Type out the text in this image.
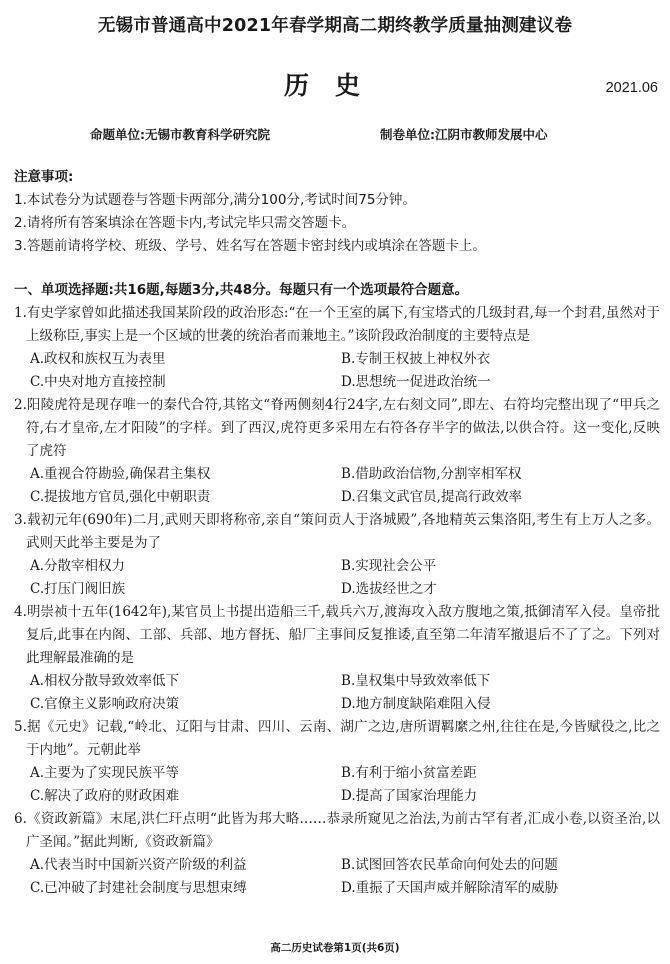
无锡市普通高中2021年春学期高二期终教学质量抽测建议卷
历史	2021.06
命题单位:无锡市教育科学研究院	制卷单位:江阴市教师发展中心
注意事项:
1.本试卷分为试题卷与答题卡两部分,满分100分,考试时间75分钟。
2.请将所有答案填涂在答题卡内,考试完毕只需交答题卡。
3.答题前请将学校、班级、学号、姓名写在答题卡密封线内或填涂在答题卡上。
一、单项选择题:共16题,每题3分,共48分。每题只有一个选项最符合题意。
1.有史学家曾如此描述我国某阶段的政治形态:“在一个王室的属下,有宝塔式的几级封君,每一个封君,虽然对于上级称臣,事实上是一个区域的世袭的统治者而兼地主。”该阶段政治制度的主要特点是
A.政权和族权互为表里	B.专制王权披上神权外衣
C.中央对地方直接控制	D.思想统一促进政治统一
2.阳陵虎符是现存唯一的秦代合符,其铭文“脊两侧刻4行24字,左右刻文同”,即左、右符均完整出现了“甲兵之符,右才皇帝,左才阳陵”的字样。到了西汉,虎符更多采用左右符各存半字的做法,以供合符。这一变化,反映了虎符
A.重视合符勘验,确保君主集权	B.借助政治信物,分割宰相军权
C.提拔地方官员,强化中朝职责	D.召集文武官员,提高行政效率
3.载初元年(690年)二月,武则天即将称帝,亲自“策问贡人于洛城殿”,各地精英云集洛阳,考生有上万人之多。武则天此举主要是为了
A.分散宰相权力	B.实现社会公平
C.打压门阀旧族	D.选拔经世之才
4.明崇祯十五年(1642年),某官员上书提出造船三千,载兵六万,渡海攻入敌方腹地之策,抵御清军入侵。皇帝批复后,此事在内阁、工部、兵部、地方督抚、船厂主事间反复推诿,直至第二年清军撤退后不了了之。下列对此理解最准确的是
A.相权分散导致效率低下	B.皇权集中导致效率低下
C.官僚主义影响政府决策	D.地方制度缺陷难阻入侵
5.据《元史》记载,“岭北、辽阳与甘肃、四川、云南、湖广之边,唐所谓羁縻之州,往往在是,今皆赋役之,比之于内地”。元朝此举
A.主要为了实现民族平等	B.有利于缩小贫富差距
C.解决了政府的财政困难	D.提高了国家治理能力
6.《资政新篇》末尾,洪仁玕点明“此皆为邦大略……恭录所窥见之治法,为前古罕有者,汇成小卷,以资圣治,以广圣闻。”据此判断,《资政新篇》
A.代表当时中国新兴资产阶级的利益	B.试图回答农民革命向何处去的问题
C.已冲破了封建社会制度与思想束缚	D.重振了天国声威并解除清军的威胁
高二历史试卷第1页(共6页)
